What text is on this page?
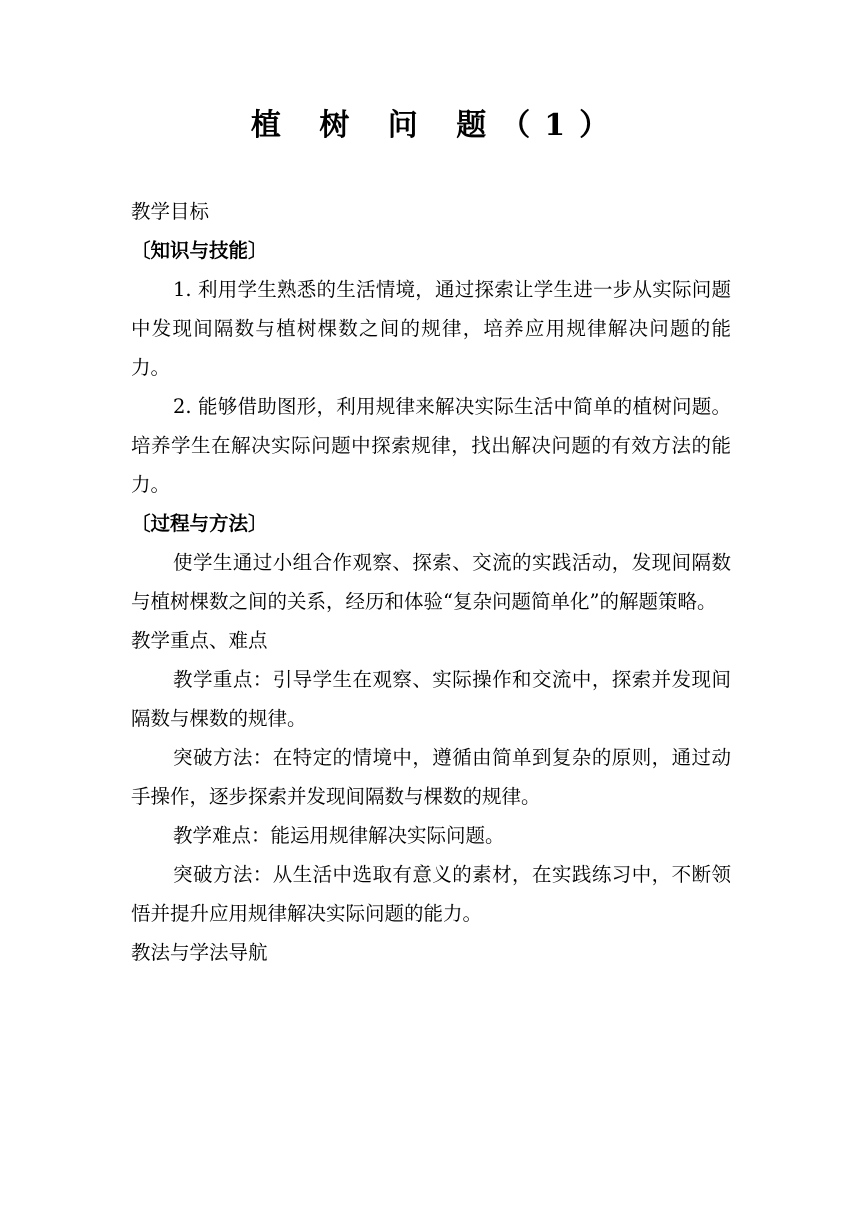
植 树 问 题（1）

教学目标

〔知识与技能〕

1. 利用学生熟悉的生活情境，通过探索让学生进一步从实际问题中发现间隔数与植树棵数之间的规律，培养应用规律解决问题的能力。

2. 能够借助图形，利用规律来解决实际生活中简单的植树问题。培养学生在解决实际问题中探索规律，找出解决问题的有效方法的能力。

〔过程与方法〕

使学生通过小组合作观察、探索、交流的实践活动，发现间隔数与植树棵数之间的关系，经历和体验“复杂问题简单化”的解题策略。

教学重点、难点

教学重点：引导学生在观察、实际操作和交流中，探索并发现间隔数与棵数的规律。

突破方法：在特定的情境中，遵循由简单到复杂的原则，通过动手操作，逐步探索并发现间隔数与棵数的规律。

教学难点：能运用规律解决实际问题。

突破方法：从生活中选取有意义的素材，在实践练习中，不断领悟并提升应用规律解决实际问题的能力。

教法与学法导航
